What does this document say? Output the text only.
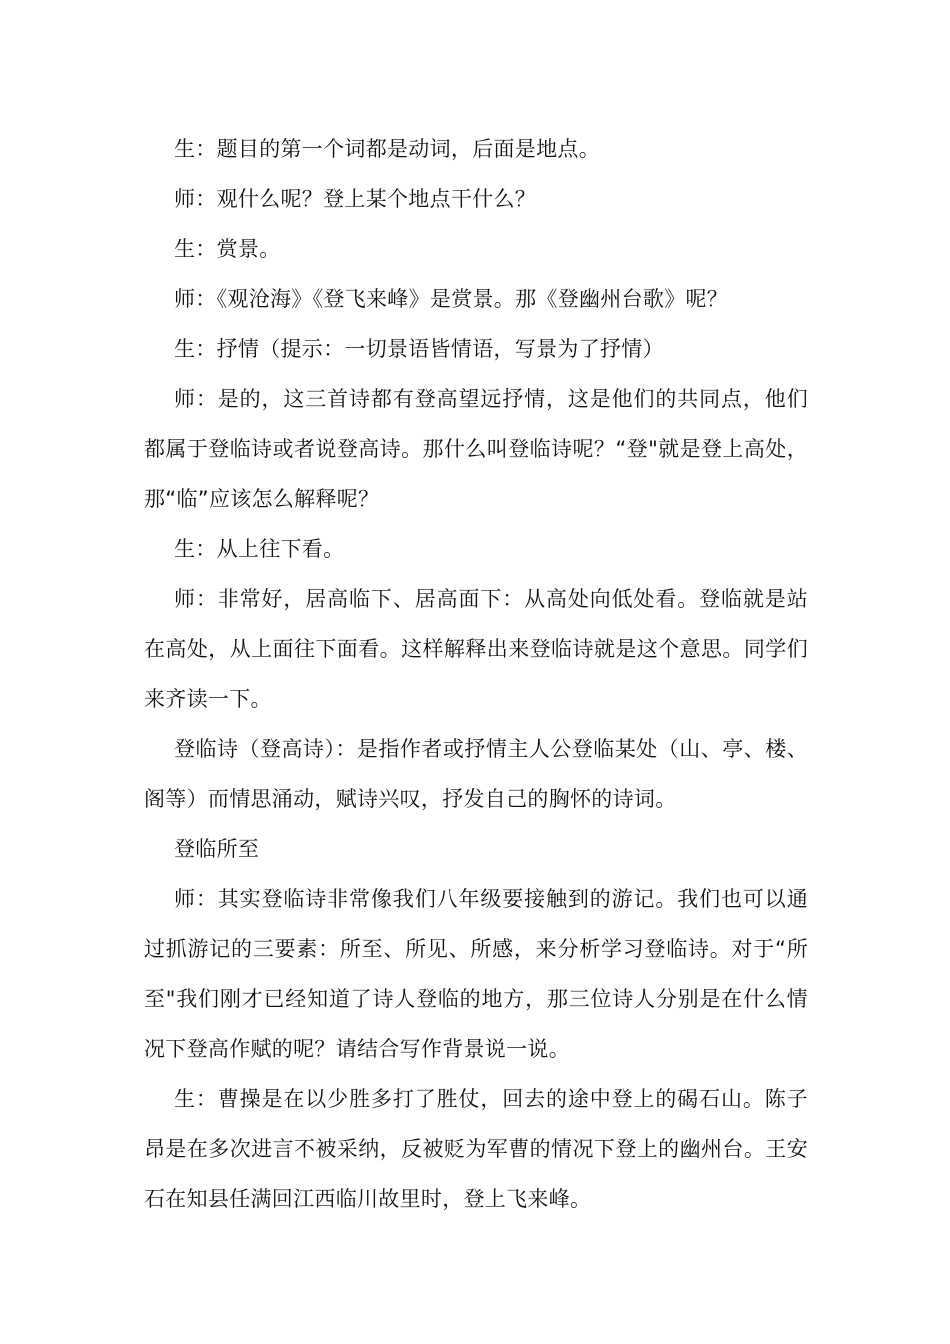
生：题目的第一个词都是动词，后面是地点。

师：观什么呢？登上某个地点干什么？

生：赏景。

师：《观沧海》《登飞来峰》是赏景。那《登幽州台歌》呢？

生：抒情（提示：一切景语皆情语，写景为了抒情）

师：是的，这三首诗都有登高望远抒情，这是他们的共同点，他们都属于登临诗或者说登高诗。那什么叫登临诗呢？“登"就是登上高处，那“临”应该怎么解释呢？

生：从上往下看。

师：非常好，居高临下、居高面下：从高处向低处看。登临就是站在高处，从上面往下面看。这样解释出来登临诗就是这个意思。同学们来齐读一下。

登临诗（登高诗）：是指作者或抒情主人公登临某处（山、亭、楼、阁等）而情思涌动，赋诗兴叹，抒发自己的胸怀的诗词。

登临所至

师：其实登临诗非常像我们八年级要接触到的游记。我们也可以通过抓游记的三要素：所至、所见、所感，来分析学习登临诗。对于“所至"我们刚才已经知道了诗人登临的地方，那三位诗人分别是在什么情况下登高作赋的呢？请结合写作背景说一说。

生：曹操是在以少胜多打了胜仗，回去的途中登上的碣石山。陈子昂是在多次进言不被采纳，反被贬为军曹的情况下登上的幽州台。王安石在知县任满回江西临川故里时，登上飞来峰。
